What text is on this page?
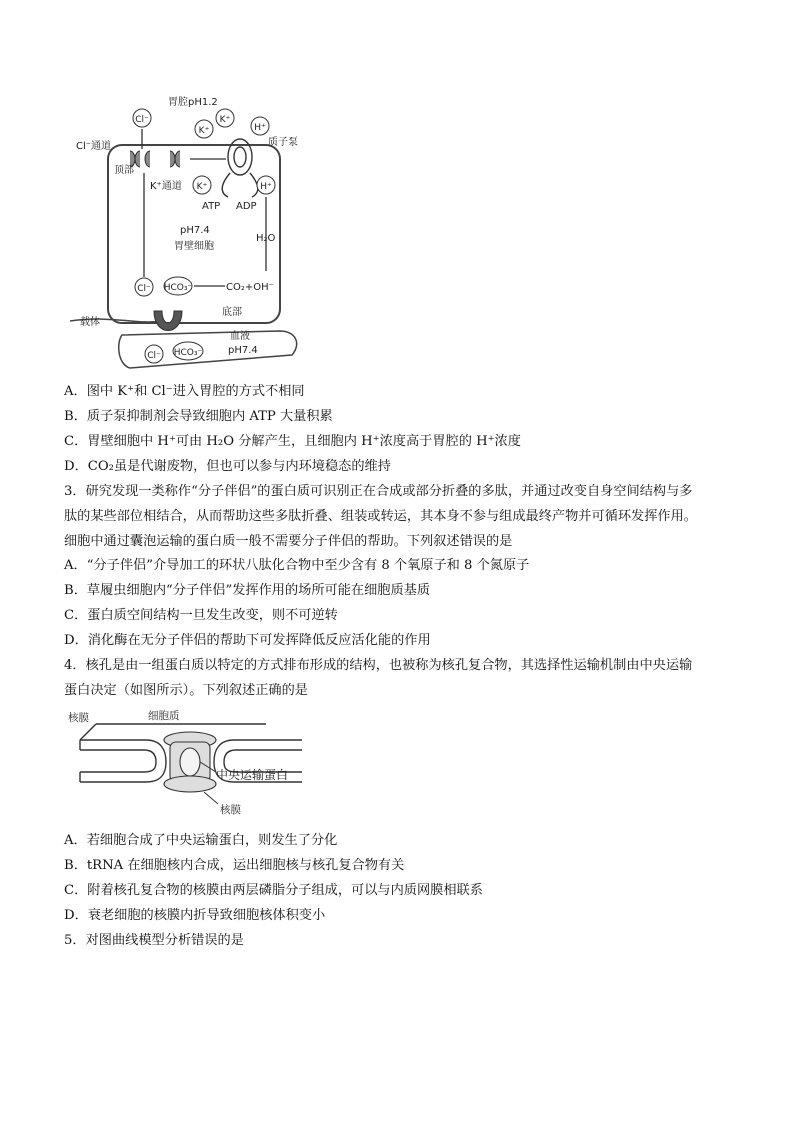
Cl⁻
K⁺
K⁺
H⁺
K⁺	H⁺
Cl⁻ HCO₃⁻
Cl⁻ HCO₃⁻
胃腔pH1.2
Cl⁻通道
顶部
K⁺通道
质子泵
ATP ADP
pH7.4
胃壁细胞
H₂O
CO₂+OH⁻
载体
底部
血液
pH7.4
A．图中 K⁺和 Cl⁻进入胃腔的方式不相同
B．质子泵抑制剂会导致细胞内 ATP 大量积累
C．胃壁细胞中 H⁺可由 H₂O 分解产生，且细胞内 H⁺浓度高于胃腔的 H⁺浓度
D．CO₂虽是代谢废物，但也可以参与内环境稳态的维持
3．研究发现一类称作“分子伴侣”的蛋白质可识别正在合成或部分折叠的多肽，并通过改变自身空间结构与多
肽的某些部位相结合，从而帮助这些多肽折叠、组装或转运，其本身不参与组成最终产物并可循环发挥作用。
细胞中通过囊泡运输的蛋白质一般不需要分子伴侣的帮助。下列叙述错误的是
A．“分子伴侣”介导加工的环状八肽化合物中至少含有 8 个氧原子和 8 个氮原子
B．草履虫细胞内“分子伴侣”发挥作用的场所可能在细胞质基质
C．蛋白质空间结构一旦发生改变，则不可逆转
D．消化酶在无分子伴侣的帮助下可发挥降低反应活化能的作用
4．核孔是由一组蛋白质以特定的方式排布形成的结构，也被称为核孔复合物，其选择性运输机制由中央运输
蛋白决定（如图所示）。下列叙述正确的是
核膜	细胞质
中央运输蛋白
核膜
A．若细胞合成了中央运输蛋白，则发生了分化
B．tRNA 在细胞核内合成，运出细胞核与核孔复合物有关
C．附着核孔复合物的核膜由两层磷脂分子组成，可以与内质网膜相联系
D．衰老细胞的核膜内折导致细胞核体积变小
5．对图曲线模型分析错误的是
